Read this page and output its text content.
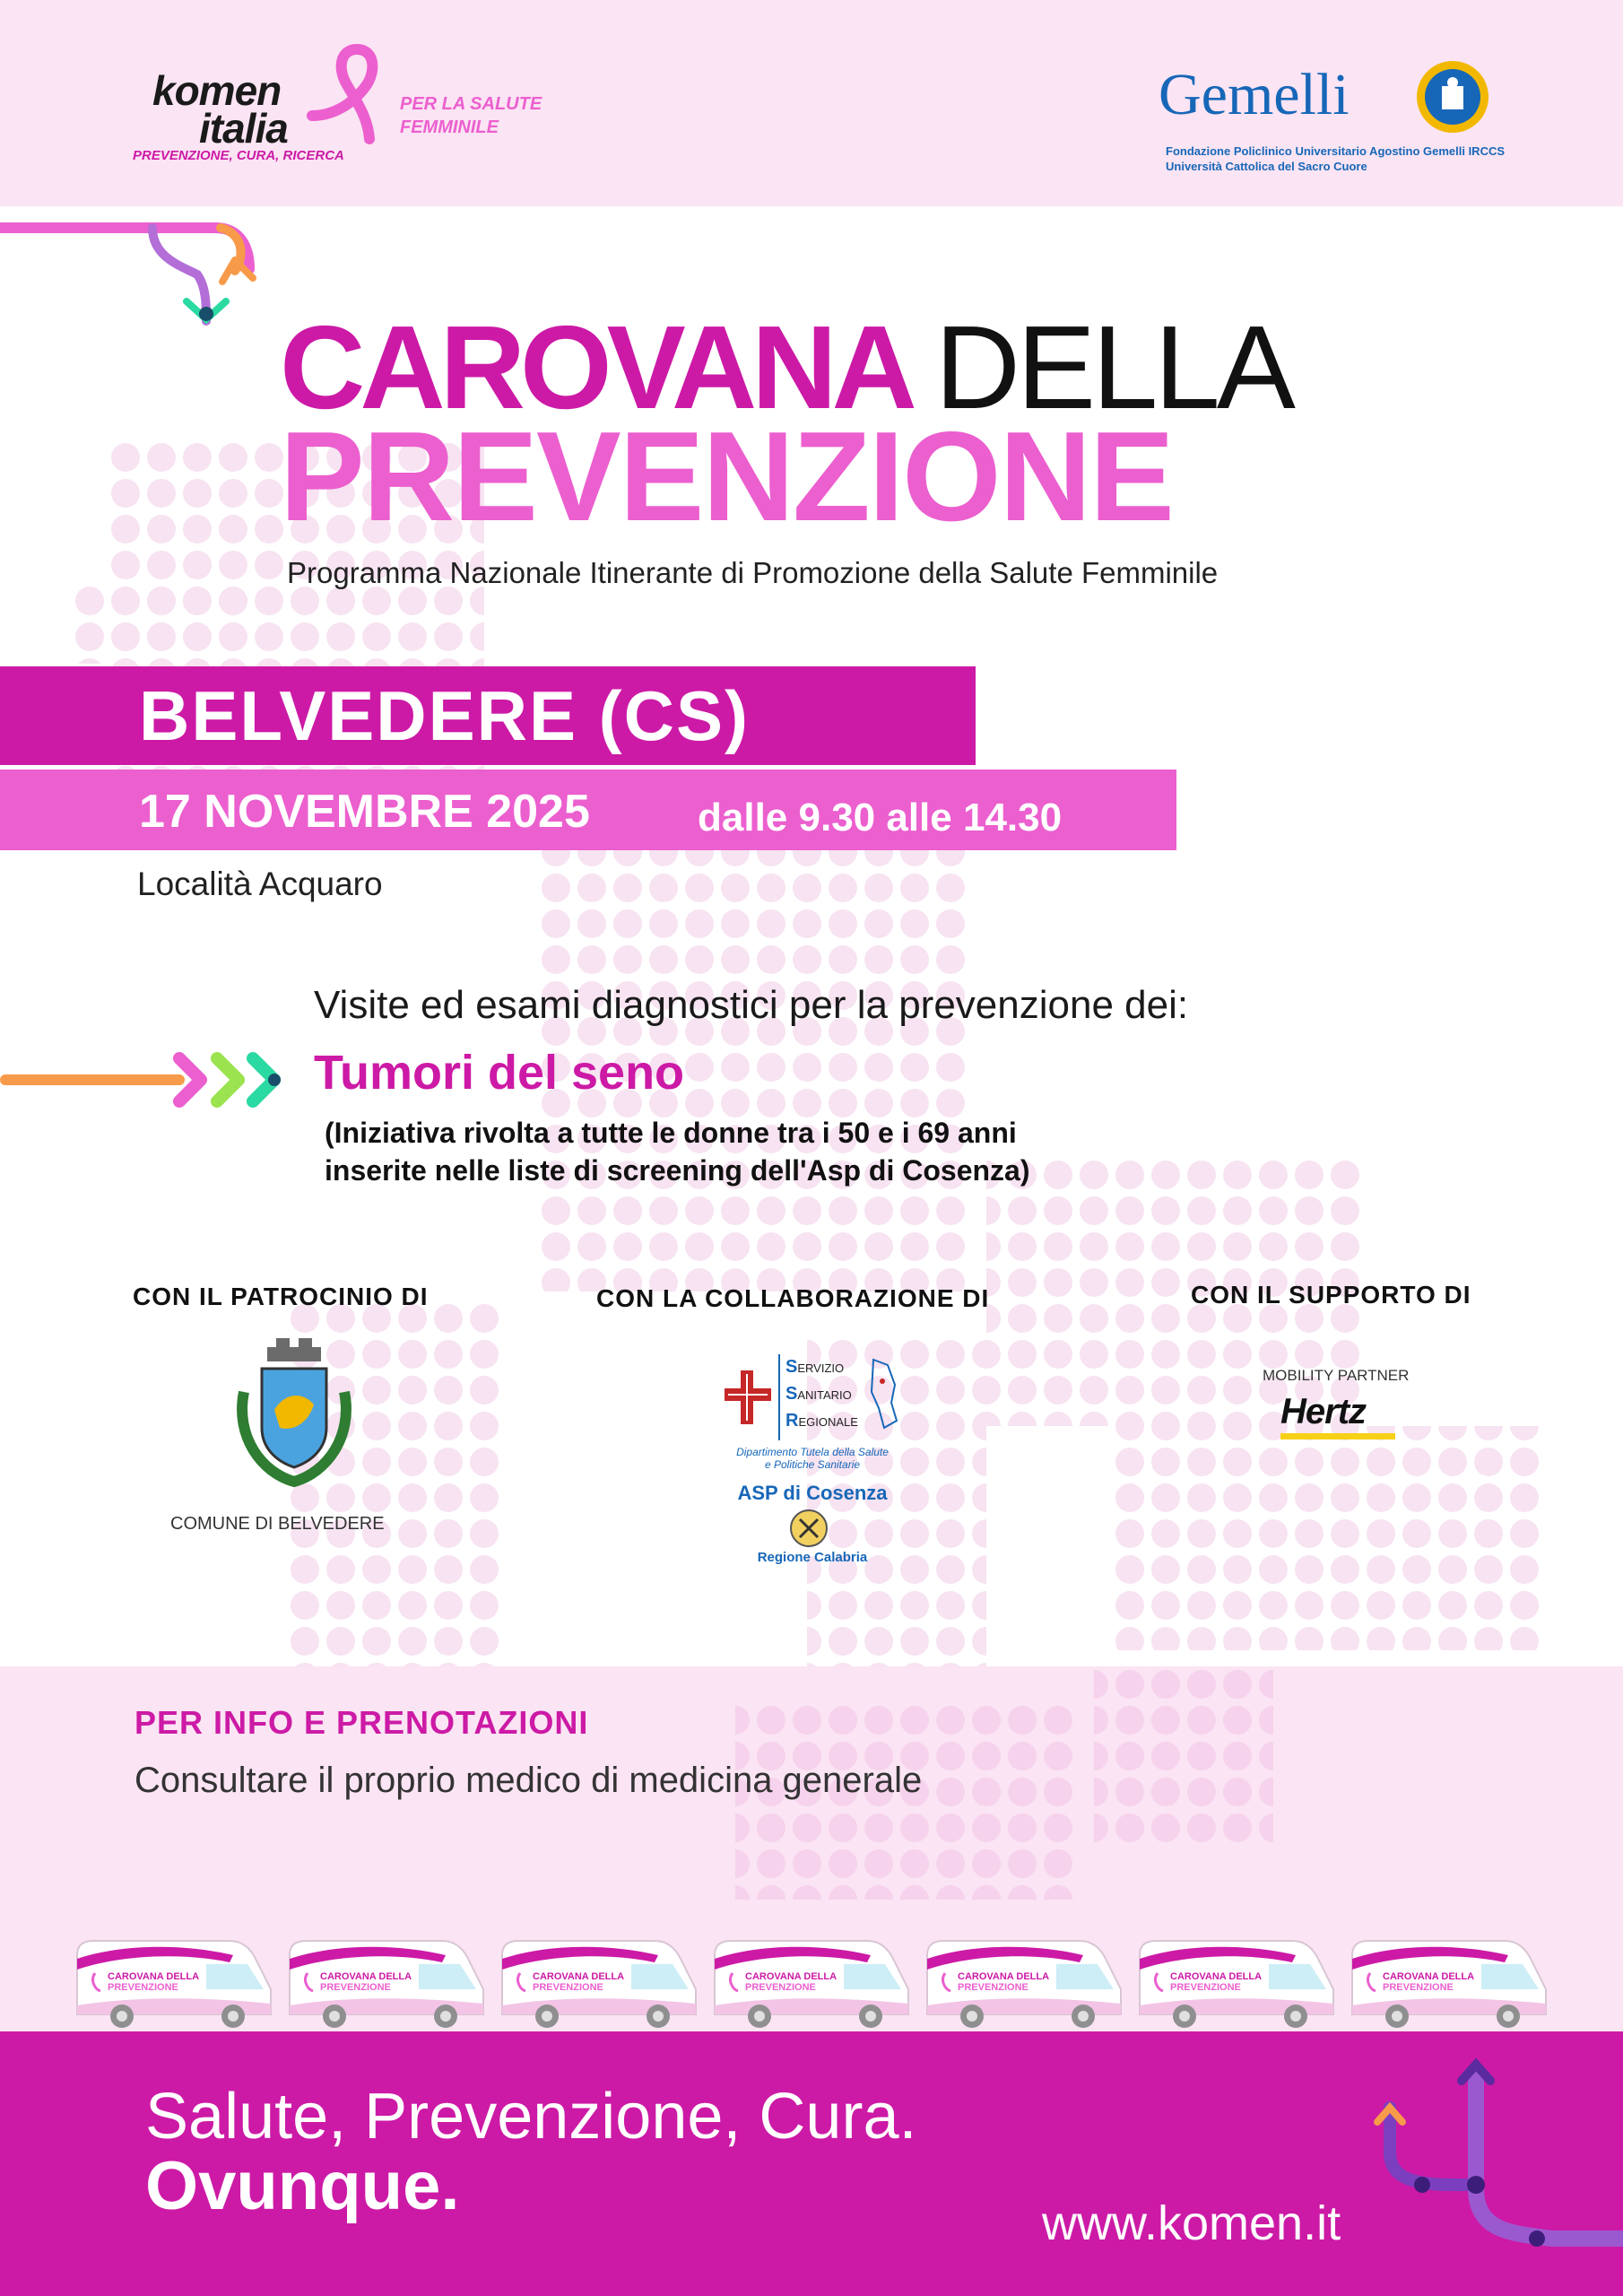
komen
italia
PREVENZIONE, CURA, RICERCA
PER LA SALUTE
FEMMINILE	Gemelli
Fondazione Policlinico Universitario Agostino Gemelli IRCCS
Università Cattolica del Sacro Cuore
CAROVANA DELLA
PREVENZIONE
Programma Nazionale Itinerante di Promozione della Salute Femminile
BELVEDERE (CS)
17 NOVEMBRE 2025	dalle 9.30 alle 14.30
Località Acquaro
Visite ed esami diagnostici per la prevenzione dei:
Tumori del seno
(Iniziativa rivolta a tutte le donne tra i 50 e i 69 anni
inserite nelle liste di screening dell'Asp di Cosenza)
CON IL PATROCINIO DI
COMUNE DI BELVEDERE
CON LA COLLABORAZIONE DI
SERVIZIO
SANITARIO
REGIONALE
Dipartimento Tutela della Salute
e Politiche Sanitarie
ASP di Cosenza
Regione Calabria
CON IL SUPPORTO DI
MOBILITY PARTNER
Hertz
PER INFO E PRENOTAZIONI
Consultare il proprio medico di medicina generale
CAROVANA DELLA
PREVENZIONE
CAROVANA DELLA
PREVENZIONE
CAROVANA DELLA
PREVENZIONE
CAROVANA DELLA
PREVENZIONE
CAROVANA DELLA
PREVENZIONE
CAROVANA DELLA
PREVENZIONE
CAROVANA DELLA
PREVENZIONE
Salute, Prevenzione, Cura.
Ovunque.	www.komen.it
